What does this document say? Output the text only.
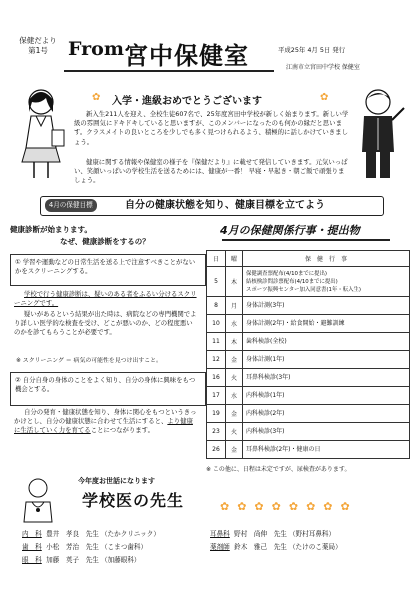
保健だより
第1号	From 宮中保健室	平成25年 4月 5日 発行
江南市立宮田中学校 保健室
入学・進級おめでとうございます
✿	✿
新入生211人を迎え、全校生徒607名で、25年度宮田中学校が新しく始まります。新しい学級の雰囲気にドキドキしていると思いますが、このメンバーになったのも何かの縁だと思います。クラスメイトの良いところを少しでも多く見つけられるよう、積極的に話しかけていきましょう。
健康に関する情報や保健室の様子を『保健だより』に載せて発信していきます。元気いっぱい、笑顔いっぱいの学校生活を送るためには、健康が一番！ 早寝・早起き・朝ご飯で頑張りましょう。
4月の保健目標	自分の健康状態を知り、健康目標を立てよう
健康診断が始まります。
なぜ、健康診断をするの？
① 学習や運動などの日常生活を送る上で注意すべきことがないかをスクリーニングする。
学校で行う健康診断は、疑いのある者をふるい分けるスクリーニングです。
疑いがあるという結果が出た時は、病院などの専門機関でより詳しい医学的な検査を受け、どこが悪いのか、どの程度悪いのかを診てもらうことが必要です。
※ スクリーニング ＝ 病気の可能性を見つけ出すこと。
② 自分自身の身体のことをよく知り、自分の身体に興味をもつ機会とする。
自分の発育・健康状態を知り、身体に関心をもつというきっかけとし、自分の健康状態に合わせて生活にすると、より健康に生活していく力を育てることにつながります。
4月の保健関係行事・提出物
日	曜	保　健　行　事
5	木	保健調査票配布(4/10までに提出)
結核検診問診票配布(4/10までに提出)
スポーツ振興センター加入同意書(1年・転入生)

8	月	身体計測(3年)

10	水	身体計測(2年)・給食開始・避難訓練

11	木	歯科検診(全校)

12	金	身体計測(1年)

16	火	耳鼻科検診(3年)

17	水	内科検診(1年)

19	金	内科検診(2年)

23	火	内科検診(3年)

26	金	耳鼻科検診(2年)・健康の日
※ この他に、日程は未定ですが、尿検査があります。
今年度お世話になります
学校医の先生	✿✿✿✿✿✿✿✿
内　科 豊井　孝良　先生 （たかクリニック）
歯　科 小松　芳治　先生 （こまつ歯科）
眼　科 加藤　英子　先生 （加藤眼科）
耳鼻科 野村　尚伸　先生 （野村耳鼻科）
薬剤師 鈴木　雅己　先生 （たけのこ薬局）
